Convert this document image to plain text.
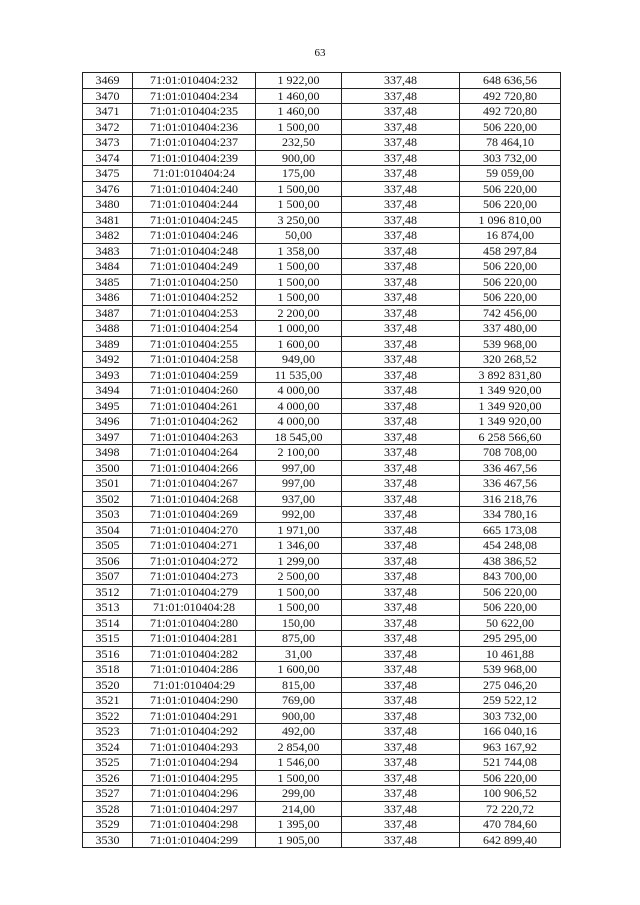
63
3469	71:01:010404:232	1 922,00	337,48	648 636,56
3470	71:01:010404:234	1 460,00	337,48	492 720,80
3471	71:01:010404:235	1 460,00	337,48	492 720,80
3472	71:01:010404:236	1 500,00	337,48	506 220,00
3473	71:01:010404:237	232,50	337,48	78 464,10
3474	71:01:010404:239	900,00	337,48	303 732,00
3475	71:01:010404:24	175,00	337,48	59 059,00
3476	71:01:010404:240	1 500,00	337,48	506 220,00
3480	71:01:010404:244	1 500,00	337,48	506 220,00
3481	71:01:010404:245	3 250,00	337,48	1 096 810,00
3482	71:01:010404:246	50,00	337,48	16 874,00
3483	71:01:010404:248	1 358,00	337,48	458 297,84
3484	71:01:010404:249	1 500,00	337,48	506 220,00
3485	71:01:010404:250	1 500,00	337,48	506 220,00
3486	71:01:010404:252	1 500,00	337,48	506 220,00
3487	71:01:010404:253	2 200,00	337,48	742 456,00
3488	71:01:010404:254	1 000,00	337,48	337 480,00
3489	71:01:010404:255	1 600,00	337,48	539 968,00
3492	71:01:010404:258	949,00	337,48	320 268,52
3493	71:01:010404:259	11 535,00	337,48	3 892 831,80
3494	71:01:010404:260	4 000,00	337,48	1 349 920,00
3495	71:01:010404:261	4 000,00	337,48	1 349 920,00
3496	71:01:010404:262	4 000,00	337,48	1 349 920,00
3497	71:01:010404:263	18 545,00	337,48	6 258 566,60
3498	71:01:010404:264	2 100,00	337,48	708 708,00
3500	71:01:010404:266	997,00	337,48	336 467,56
3501	71:01:010404:267	997,00	337,48	336 467,56
3502	71:01:010404:268	937,00	337,48	316 218,76
3503	71:01:010404:269	992,00	337,48	334 780,16
3504	71:01:010404:270	1 971,00	337,48	665 173,08
3505	71:01:010404:271	1 346,00	337,48	454 248,08
3506	71:01:010404:272	1 299,00	337,48	438 386,52
3507	71:01:010404:273	2 500,00	337,48	843 700,00
3512	71:01:010404:279	1 500,00	337,48	506 220,00
3513	71:01:010404:28	1 500,00	337,48	506 220,00
3514	71:01:010404:280	150,00	337,48	50 622,00
3515	71:01:010404:281	875,00	337,48	295 295,00
3516	71:01:010404:282	31,00	337,48	10 461,88
3518	71:01:010404:286	1 600,00	337,48	539 968,00
3520	71:01:010404:29	815,00	337,48	275 046,20
3521	71:01:010404:290	769,00	337,48	259 522,12
3522	71:01:010404:291	900,00	337,48	303 732,00
3523	71:01:010404:292	492,00	337,48	166 040,16
3524	71:01:010404:293	2 854,00	337,48	963 167,92
3525	71:01:010404:294	1 546,00	337,48	521 744,08
3526	71:01:010404:295	1 500,00	337,48	506 220,00
3527	71:01:010404:296	299,00	337,48	100 906,52
3528	71:01:010404:297	214,00	337,48	72 220,72
3529	71:01:010404:298	1 395,00	337,48	470 784,60
3530	71:01:010404:299	1 905,00	337,48	642 899,40
